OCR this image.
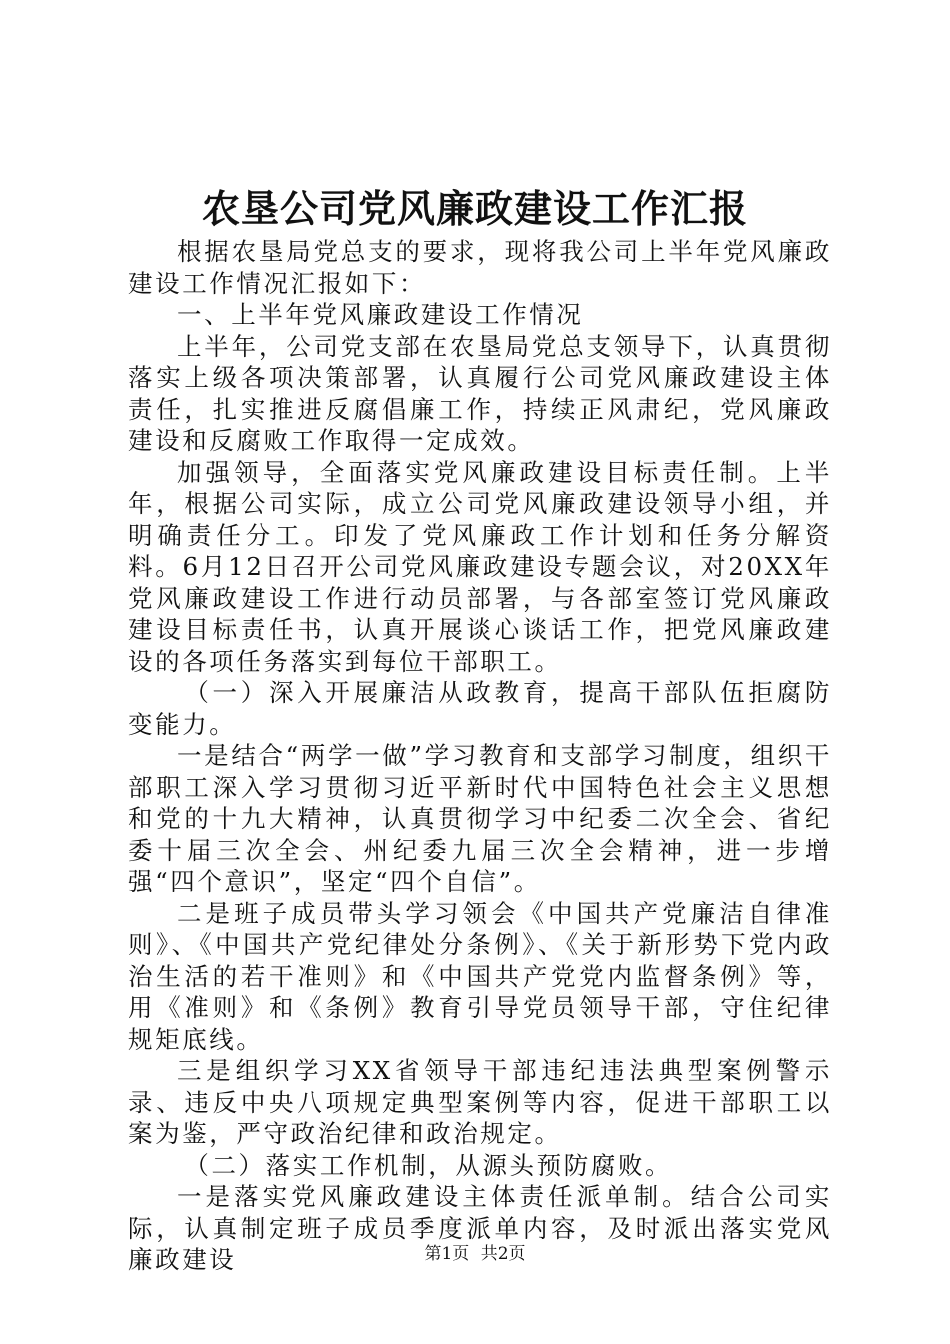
农垦公司党风廉政建设工作汇报

根据农垦局党总支的要求，现将我公司上半年党风廉政建设工作情况汇报如下：

一、上半年党风廉政建设工作情况

上半年，公司党支部在农垦局党总支领导下，认真贯彻落实上级各项决策部署，认真履行公司党风廉政建设主体责任，扎实推进反腐倡廉工作，持续正风肃纪，党风廉政建设和反腐败工作取得一定成效。

加强领导，全面落实党风廉政建设目标责任制。上半年，根据公司实际，成立公司党风廉政建设领导小组，并明确责任分工。印发了党风廉政工作计划和任务分解资料。6月12日召开公司党风廉政建设专题会议，对20XX年党风廉政建设工作进行动员部署，与各部室签订党风廉政建设目标责任书，认真开展谈心谈话工作，把党风廉政建设的各项任务落实到每位干部职工。

（一）深入开展廉洁从政教育，提高干部队伍拒腐防变能力。

一是结合“两学一做”学习教育和支部学习制度，组织干部职工深入学习贯彻习近平新时代中国特色社会主义思想和党的十九大精神，认真贯彻学习中纪委二次全会、省纪委十届三次全会、州纪委九届三次全会精神，进一步增强“四个意识”，坚定“四个自信”。

二是班子成员带头学习领会《中国共产党廉洁自律准则》、《中国共产党纪律处分条例》、《关于新形势下党内政治生活的若干准则》和《中国共产党党内监督条例》等，用《准则》和《条例》教育引导党员领导干部，守住纪律规矩底线。

三是组织学习XX省领导干部违纪违法典型案例警示录、违反中央八项规定典型案例等内容，促进干部职工以案为鉴，严守政治纪律和政治规定。

（二）落实工作机制，从源头预防腐败。

一是落实党风廉政建设主体责任派单制。结合公司实际，认真制定班子成员季度派单内容，及时派出落实党风廉政建设	第1页 共2页
